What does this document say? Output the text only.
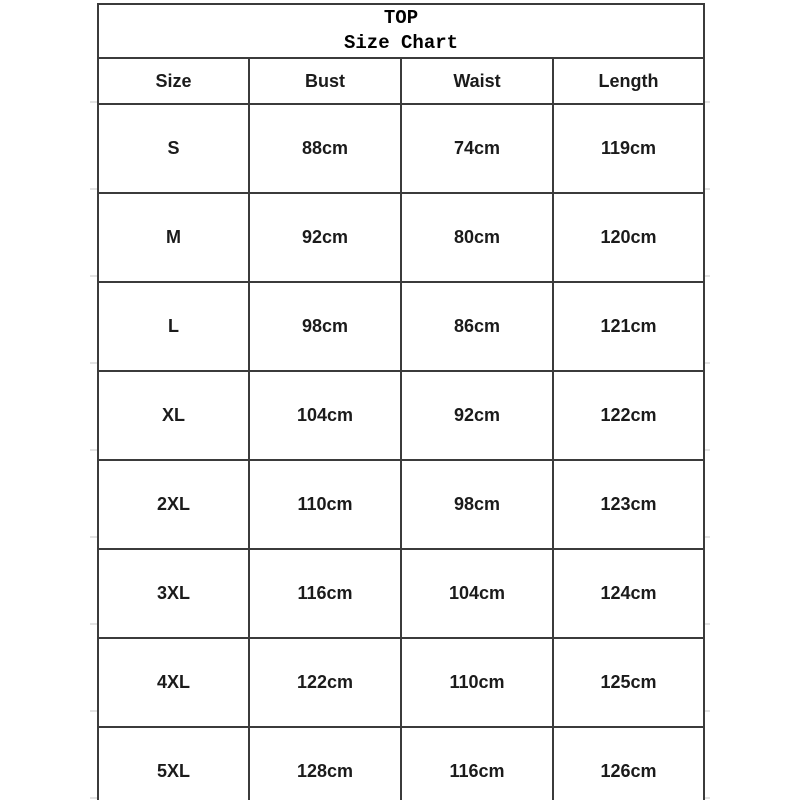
TOP
Size Chart			

Size	Bust	Waist	Length
S	88cm	74cm	119cm
M	92cm	80cm	120cm
L	98cm	86cm	121cm
XL	104cm	92cm	122cm
2XL	110cm	98cm	123cm
3XL	116cm	104cm	124cm
4XL	122cm	110cm	125cm
5XL	128cm	116cm	126cm
